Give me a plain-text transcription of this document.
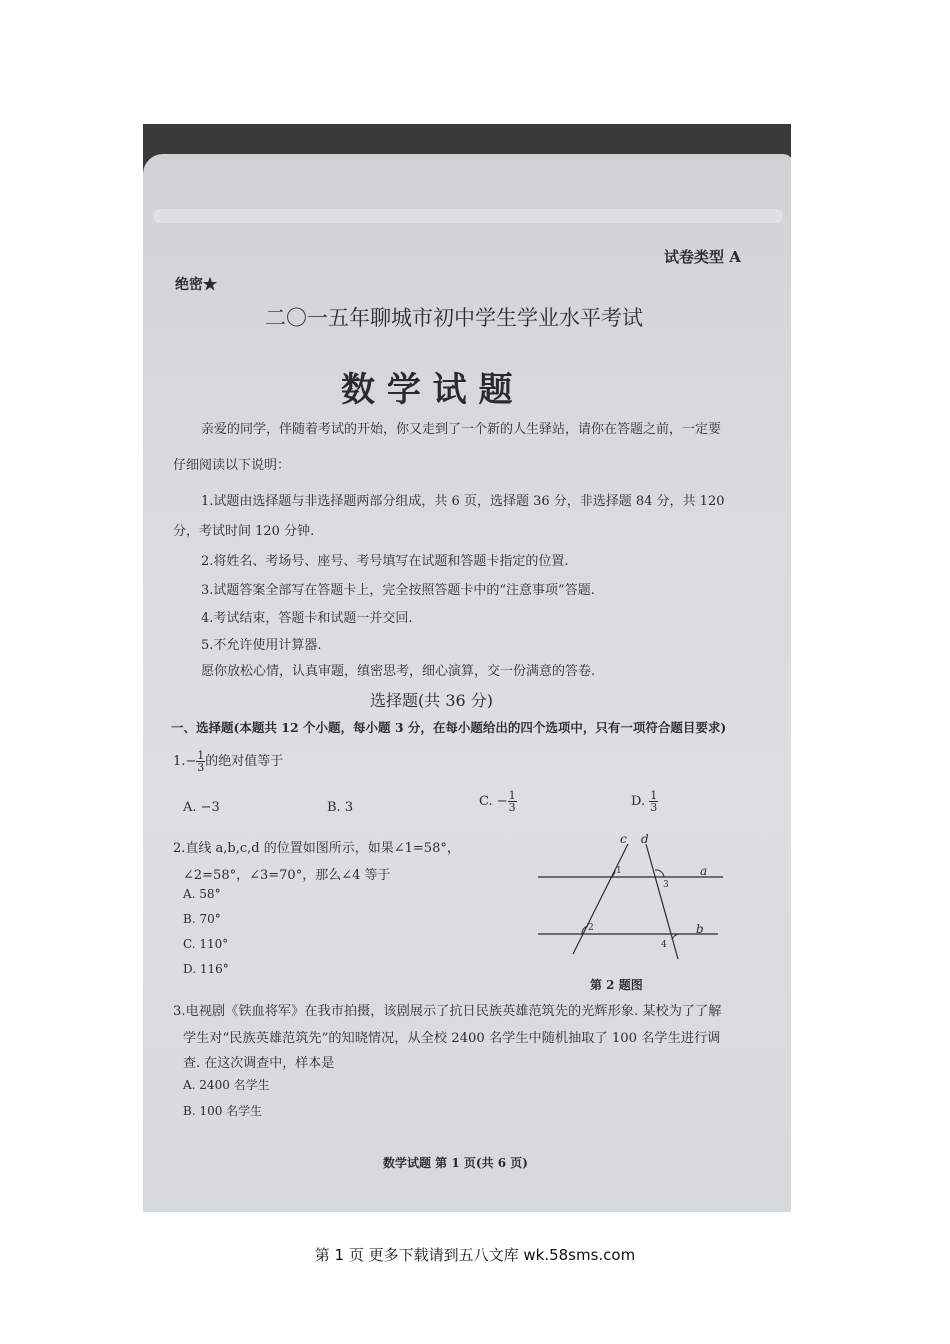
试卷类型 A
绝密★
二〇一五年聊城市初中学生学业水平考试
数 学 试 题
亲爱的同学，伴随着考试的开始，你又走到了一个新的人生驿站，请你在答题之前，一定要
仔细阅读以下说明：
1.试题由选择题与非选择题两部分组成，共 6 页，选择题 36 分，非选择题 84 分，共 120
分，考试时间 120 分钟.
2.将姓名、考场号、座号、考号填写在试题和答题卡指定的位置.
3.试题答案全部写在答题卡上，完全按照答题卡中的“注意事项”答题.
4.考试结束，答题卡和试题一并交回.
5.不允许使用计算器.
愿你放松心情，认真审题，缜密思考，细心演算，交一份满意的答卷.
选择题(共 36 分)
一、选择题(本题共 12 个小题，每小题 3 分，在每小题给出的四个选项中，只有一项符合题目要求)
$1.- \frac{1}{3}$ 的绝对值等于
A. −3	B. 3	C. − $\frac{1}{3}$	D. $\frac{1}{3}$
2.直线 a,b,c,d 的位置如图所示，如果∠1=58°，
∠2=58°，∠3=70°，那么∠4 等于
A. 58°
B. 70°
C. 110°
D. 116°
c d
a
b
1
2
3
4
第 2 题图
3.电视剧《铁血将军》在我市拍摄，该剧展示了抗日民族英雄范筑先的光辉形象. 某校为了了解
学生对“民族英雄范筑先”的知晓情况，从全校 2400 名学生中随机抽取了 100 名学生进行调
查. 在这次调查中，样本是
A. 2400 名学生
B. 100 名学生
数学试题 第 1 页(共 6 页)
第 1 页 更多下载请到五八文库 wk.58sms.com
